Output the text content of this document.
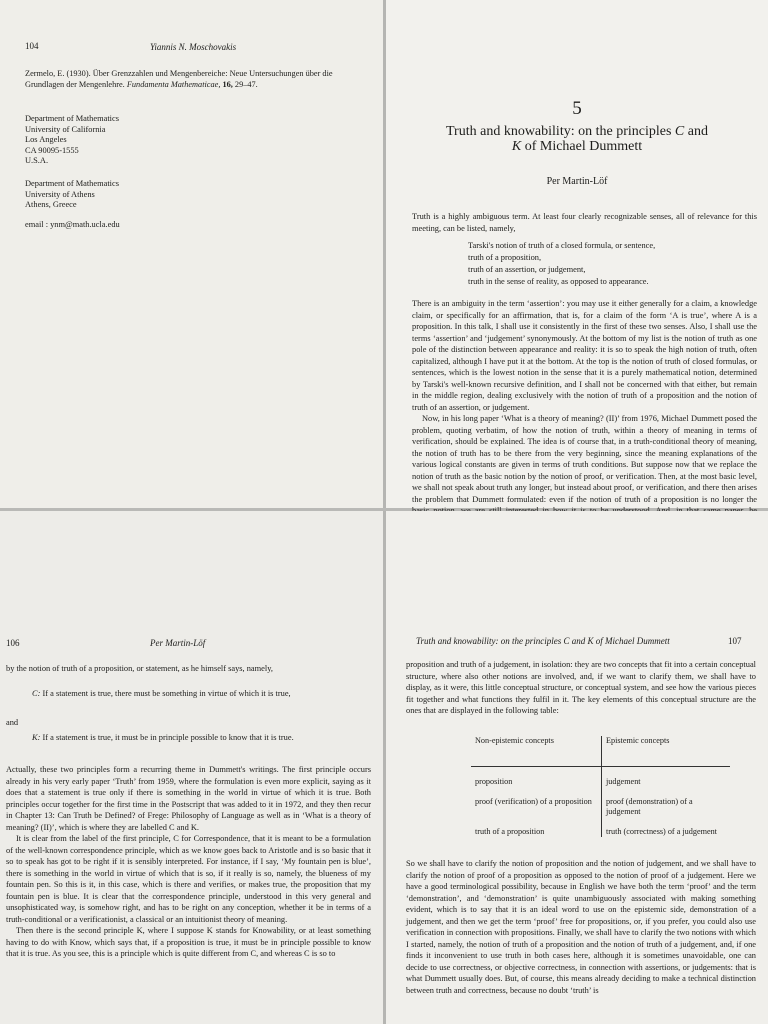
104	Yiannis N. Moschovakis
Zermelo, E. (1930). Über Grenzzahlen und Mengenbereiche: Neue Untersuchungen über die Grundlagen der Mengenlehre. Fundamenta Mathematicae, 16, 29–47.
Department of Mathematics
University of California
Los Angeles
CA 90095-1555
U.S.A.
Department of Mathematics
University of Athens
Athens, Greece
email : ynm@math.ucla.edu
5
Truth and knowability: on the principles C and
K of Michael Dummett
Per Martin-Löf
Truth is a highly ambiguous term. At least four clearly recognizable senses, all of relevance for this meeting, can be listed, namely,
Tarski's notion of truth of a closed formula, or sentence,
truth of a proposition,
truth of an assertion, or judgement,
truth in the sense of reality, as opposed to appearance.

There is an ambiguity in the term ‘assertion’: you may use it either generally for a claim, a knowledge claim, or specifically for an affirmation, that is, for a claim of the form ‘A is true’, where A is a proposition. In this talk, I shall use it consistently in the first of these two senses. Also, I shall use the terms ‘assertion’ and ‘judgement’ synonymously. At the bottom of my list is the notion of truth as one pole of the distinction between appearance and reality: it is so to speak the high notion of truth, often capitalized, although I have put it at the bottom. At the top is the notion of truth of closed formulas, or sentences, which is the lowest notion in the sense that it is a purely mathematical notion, determined by Tarski's well-known recursive definition, and I shall not be concerned with that either, but remain in the middle region, dealing exclusively with the notion of truth of a proposition and the notion of truth of an assertion, or judgement.

Now, in his long paper ‘What is a theory of meaning? (II)’ from 1976, Michael Dummett posed the problem, quoting verbatim, of how the notion of truth, within a theory of meaning in terms of verification, should be explained. The idea is of course that, in a truth-conditional theory of meaning, the notion of truth has to be there from the very beginning, since the meaning explanations of the various logical constants are given in terms of truth conditions. But suppose now that we replace the notion of truth as the basic notion by the notion of proof, or verification. Then, at the most basic level, we shall not speak about truth any longer, but instead about proof, or verification, and there then arises the problem that Dummett formulated: even if the notion of truth of a proposition is no longer the

106	Per Martin-Löf
by the notion of truth of a proposition, or statement, as he himself says, namely,
C: If a statement is true, there must be something in virtue of which it is true,
and
K: If a statement is true, it must be in principle possible to know that it is true.

Actually, these two principles form a recurring theme in Dummett's writings. The first principle occurs already in his very early paper ‘Truth’ from 1959, where the formulation is even more explicit, saying as it does that a statement is true only if there is something in the world in virtue of which it is true. Both principles occur together for the first time in the Postscript that was added to it in 1972, and they then recur in Chapter 13: Can Truth be Defined? of Frege: Philosophy of Language as well as in ‘What is a theory of meaning? (II)’, which is where they are labelled C and K.

It is clear from the label of the first principle, C for Correspondence, that it is meant to be a formulation of the well-known correspondence principle, which as we know goes back to Aristotle and is so basic that it so to speak has got to be right if it is sensibly interpreted. For instance, if I say, ‘My fountain pen is blue’, there is something in the world in virtue of which that is so, if it really is so, namely, the blueness of my fountain pen. So this is it, in this case, which is there and verifies, or makes true, the proposition that my fountain pen is blue. It is clear that the correspondence principle, understood in this very general and unsophisticated way, is somehow right, and has to be right on any conception, whether it be in terms of a truth-conditional or a verificationist, a classical or an intuitionist theory of meaning.

Then there is the second principle K, where I suppose K stands for Knowability, or at least something having to do with Know, which says that, if a proposition is true, it must be in principle possible to know that it is true. As you see, this is a principle which is quite different from C, and whereas C is so to

Truth and knowability: on the principles C and K of Michael Dummett	107
proposition and truth of a judgement, in isolation: they are two concepts that fit into a certain conceptual structure, where also other notions are involved, and, if we want to clarify them, we shall have to display, as it were, this little conceptual structure, or conceptual system, and see how the various pieces fit together and what functions they fulfil in it. The key elements of this conceptual structure are the ones that are displayed in the following table:
Non-epistemic concepts	Epistemic concepts
proposition	judgement
proof (verification) of a proposition	proof (demonstration) of a judgement
truth of a proposition	truth (correctness) of a judgement
So we shall have to clarify the notion of proposition and the notion of judgement, and we shall have to clarify the notion of proof of a proposition as opposed to the notion of proof of a judgement. Here we have a good terminological possibility, because in English we have both the term ‘proof’ and the term ‘demonstration’, and ‘demonstration’ is quite unambiguously associated with making something evident, which is to say that it is an ideal word to use on the epistemic side, demonstration of a judgement, and then we get the term ‘proof’ free for propositions, or, if you prefer, you could also use verification in connection with propositions. Finally, we shall have to clarify the two notions with which I started, namely, the notion of truth of a proposition and the notion of truth of a judgement, and, if one finds it inconvenient to use truth in both cases here, although it is sometimes unavoidable, one can decide to use correctness, or objective correctness, in connection with assertions, or judgements: that is what Dummett usually does. But, of course, this means already deciding to make a technical distinction between truth and correctness, because no doubt ‘truth’ is
